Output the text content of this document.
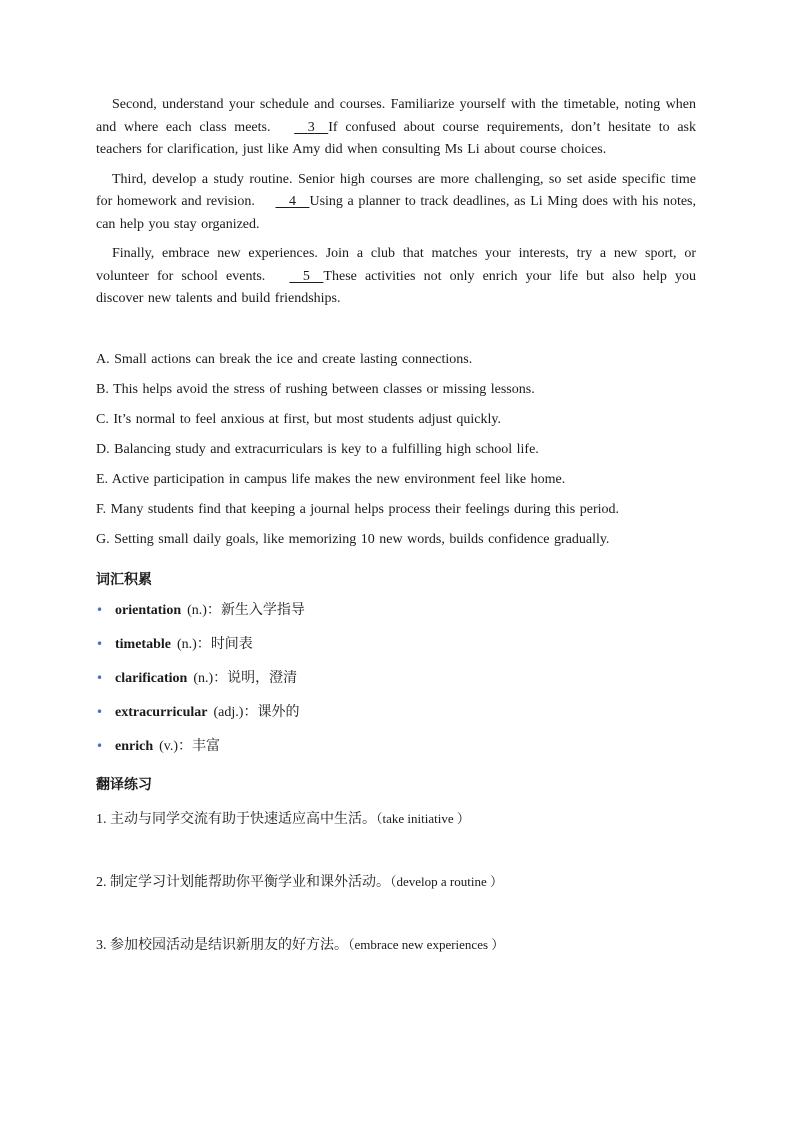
Second, understand your schedule and courses. Familiarize yourself with the timetable, noting when and where each class meets.	3 If confused about course requirements, don’t hesitate to ask teachers for clarification, just like Amy did when consulting Ms Li about course choices.

Third, develop a study routine. Senior high courses are more challenging, so set aside specific time for homework and revision. 4 Using a planner to track deadlines, as Li Ming does with his notes, can help you stay organized.

Finally, embrace new experiences. Join a club that matches your interests, try a new sport, or volunteer for school events.	5 These activities not only enrich your life but also help you discover new talents and build friendships.

A. Small actions can break the ice and create lasting connections.

B. This helps avoid the stress of rushing between classes or missing lessons.

C. It’s normal to feel anxious at first, but most students adjust quickly.

D. Balancing study and extracurriculars is key to a fulfilling high school life.

E. Active participation in campus life makes the new environment feel like home.

F. Many students find that keeping a journal helps process their feelings during this period.

G. Setting small daily goals, like memorizing 10 new words, builds confidence gradually.

词汇积累
• orientation (n.)：新生入学指导
• timetable (n.)：时间表
• clarification (n.)：说明，澄清
• extracurricular (adj.)：课外的
• enrich (v.)：丰富
翻译练习

1. 主动与同学交流有助于快速适应高中生活。（take initiative ）

2. 制定学习计划能帮助你平衡学业和课外活动。（develop a routine ）

3. 参加校园活动是结识新朋友的好方法。（embrace new experiences ）
